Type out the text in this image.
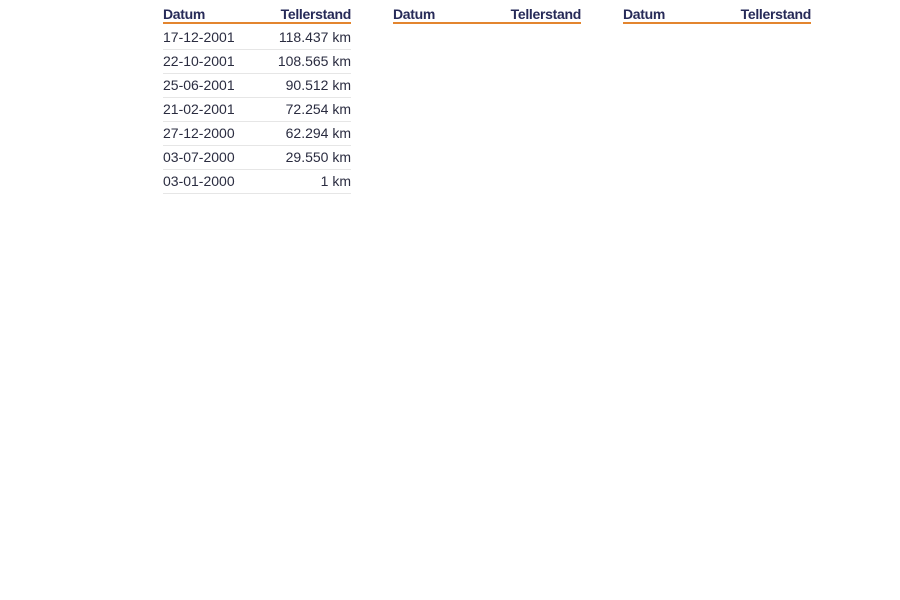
Datum	Tellerstand
17-12-2001	118.437 km
22-10-2001	108.565 km
25-06-2001	90.512 km
21-02-2001	72.254 km
27-12-2000	62.294 km
03-07-2000	29.550 km
03-01-2000	1 km
Datum	Tellerstand	Datum	Tellerstand
